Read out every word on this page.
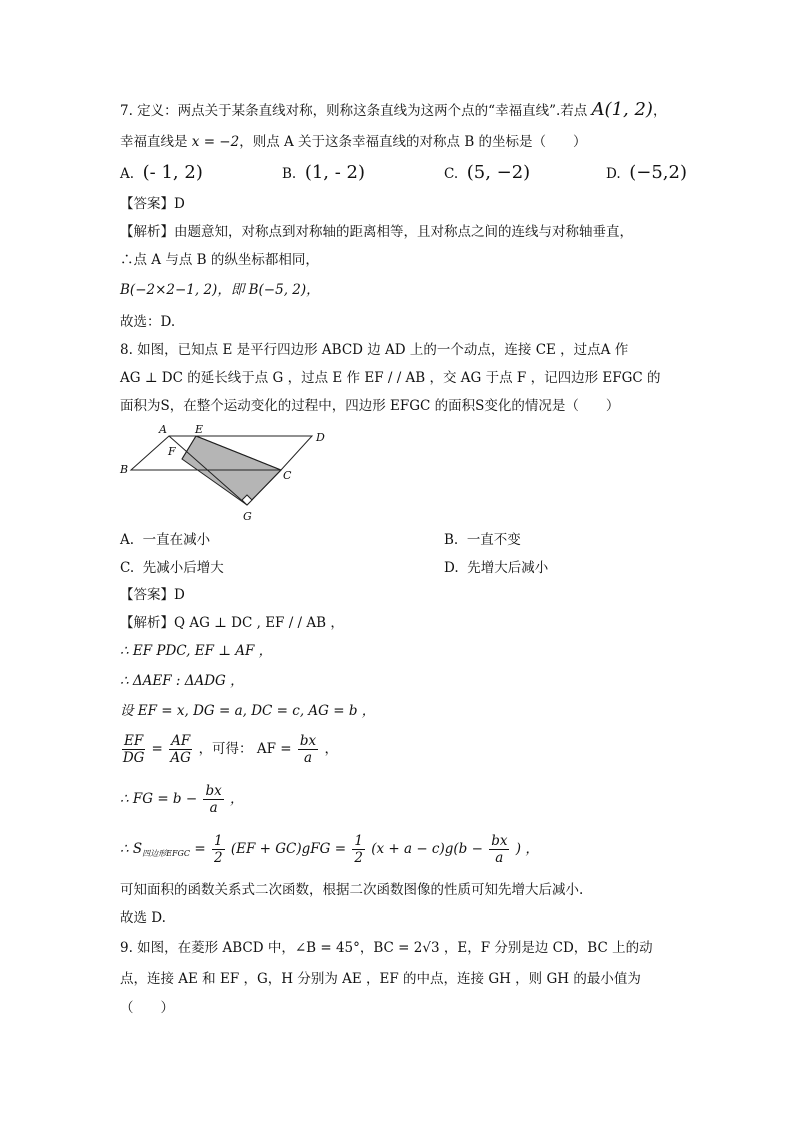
7. 定义：两点关于某条直线对称，则称这条直线为这两个点的“幸福直线”.若点 A(1, 2)，
幸福直线是 x = −2，则点 A 关于这条幸福直线的对称点 B 的坐标是（　　）
A. (- 1, 2)	B. (1, - 2)	C. (5, −2)	D. (−5,2)
【答案】D
【解析】由题意知，对称点到对称轴的距离相等，且对称点之间的连线与对称轴垂直，
∴点 A 与点 B 的纵坐标都相同，
B(−2×2−1, 2)，即 B(−5, 2)，
故选：D.
8. 如图，已知点 E 是平行四边形 ABCD 边 AD 上的一个动点，连接 CE ，过点A 作
AG ⊥ DC 的延长线于点 G ，过点 E 作 EF / / AB ，交 AG 于点 F ，记四边形 EFGC 的
面积为S，在整个运动变化的过程中，四边形 EFGC 的面积S变化的情况是（　　）
A	E
D
F
B	C
G
A. 一直在减小	B. 一直不变
C. 先减小后增大	D. 先增大后减小
【答案】D
【解析】Q AG ⊥ DC , EF / / AB ，
∴ EF PDC, EF ⊥ AF ，
∴ ΔAEF : ΔADG ，
设 EF = x, DG = a, DC = c, AG = b ，
$\frac{EF}{DG} = \frac{AF}{AG}$ ，可得： AF = $\frac{bx}{a}$ ，
∴ FG = $b - \frac{bx}{a}$ ，
∴ $S_{四边形EFGC} = \frac{1}{2} (EF + GC)gFG = \frac{1}{2} (x + a - c)g(b - \frac{bx}{a}$ ) ，
可知面积的函数关系式二次函数，根据二次函数图像的性质可知先增大后减小.
故选 D.
9. 如图，在菱形 ABCD 中，∠B = 45°，BC = 2√3 ，E，F 分别是边 CD，BC 上的动
点，连接 AE 和 EF ，G，H 分别为 AE ，EF 的中点，连接 GH ，则 GH 的最小值为
（　　）
